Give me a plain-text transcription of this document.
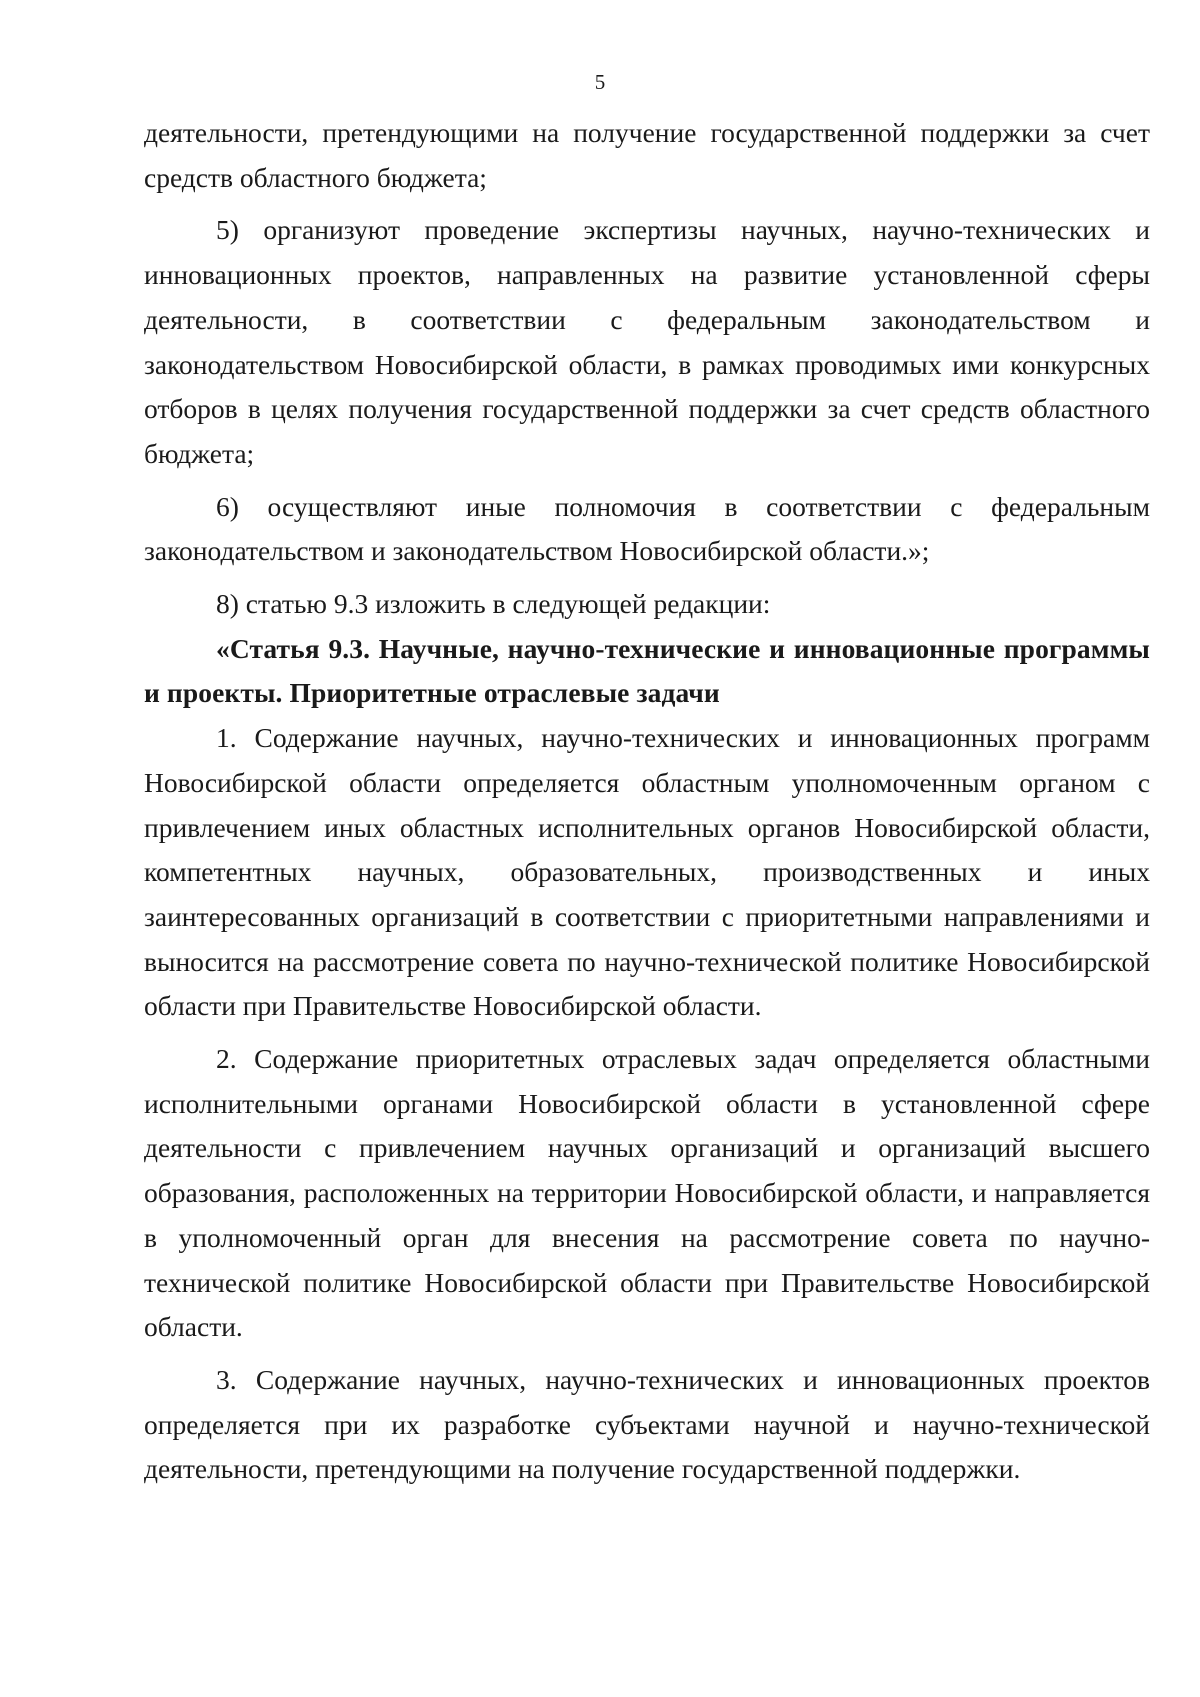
5

деятельности, претендующими на получение государственной поддержки за счет средств областного бюджета;

5) организуют проведение экспертизы научных, научно-технических и инновационных проектов, направленных на развитие установленной сферы деятельности, в соответствии с федеральным законодательством и законодательством Новосибирской области, в рамках проводимых ими конкурсных отборов в целях получения государственной поддержки за счет средств областного бюджета;

6) осуществляют иные полномочия в соответствии с федеральным законодательством и законодательством Новосибирской области.»;

8) статью 9.3 изложить в следующей редакции:

«Статья 9.3. Научные, научно-технические и инновационные программы и проекты. Приоритетные отраслевые задачи

1. Содержание научных, научно-технических и инновационных программ Новосибирской области определяется областным уполномоченным органом с привлечением иных областных исполнительных органов Новосибирской области, компетентных научных, образовательных, производственных и иных заинтересованных организаций в соответствии с приоритетными направлениями и выносится на рассмотрение совета по научно-технической политике Новосибирской области при Правительстве Новосибирской области.

2. Содержание приоритетных отраслевых задач определяется областными исполнительными органами Новосибирской области в установленной сфере деятельности с привлечением научных организаций и организаций высшего образования, расположенных на территории Новосибирской области, и направляется в уполномоченный орган для внесения на рассмотрение совета по научно-технической политике Новосибирской области при Правительстве Новосибирской области.

3. Содержание научных, научно-технических и инновационных проектов определяется при их разработке субъектами научной и научно-технической деятельности, претендующими на получение государственной поддержки.
